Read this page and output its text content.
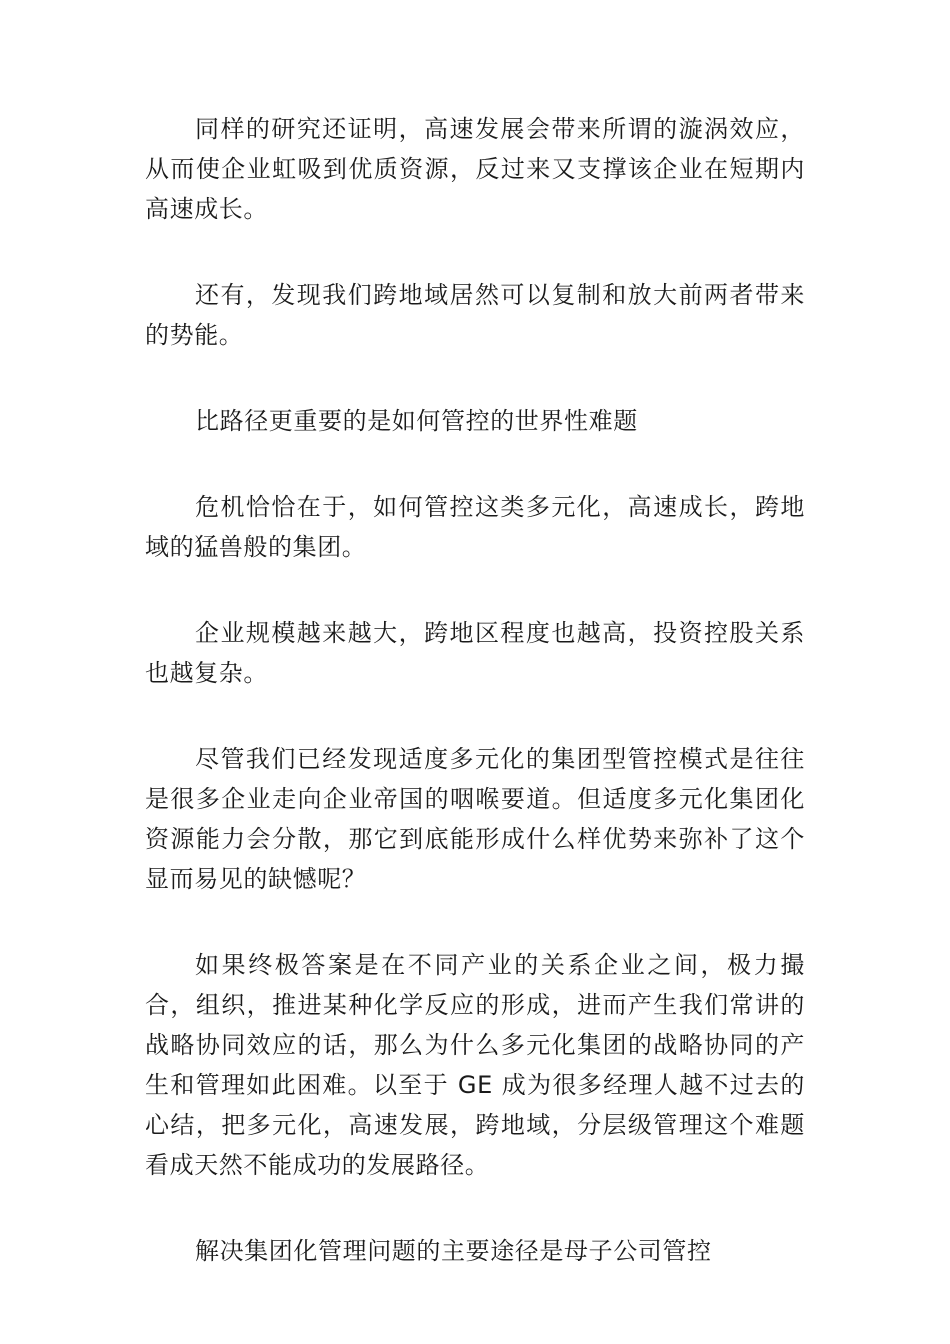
同样的研究还证明，高速发展会带来所谓的漩涡效应，从而使企业虹吸到优质资源，反过来又支撑该企业在短期内高速成长。

还有，发现我们跨地域居然可以复制和放大前两者带来的势能。

比路径更重要的是如何管控的世界性难题

危机恰恰在于，如何管控这类多元化，高速成长，跨地域的猛兽般的集团。

企业规模越来越大，跨地区程度也越高，投资控股关系也越复杂。

尽管我们已经发现适度多元化的集团型管控模式是往往是很多企业走向企业帝国的咽喉要道。但适度多元化集团化资源能力会分散，那它到底能形成什么样优势来弥补了这个显而易见的缺憾呢？

如果终极答案是在不同产业的关系企业之间，极力撮合，组织，推进某种化学反应的形成，进而产生我们常讲的战略协同效应的话，那么为什么多元化集团的战略协同的产生和管理如此困难。以至于 GE 成为很多经理人越不过去的心结，把多元化，高速发展，跨地域，分层级管理这个难题看成天然不能成功的发展路径。

解决集团化管理问题的主要途径是母子公司管控
